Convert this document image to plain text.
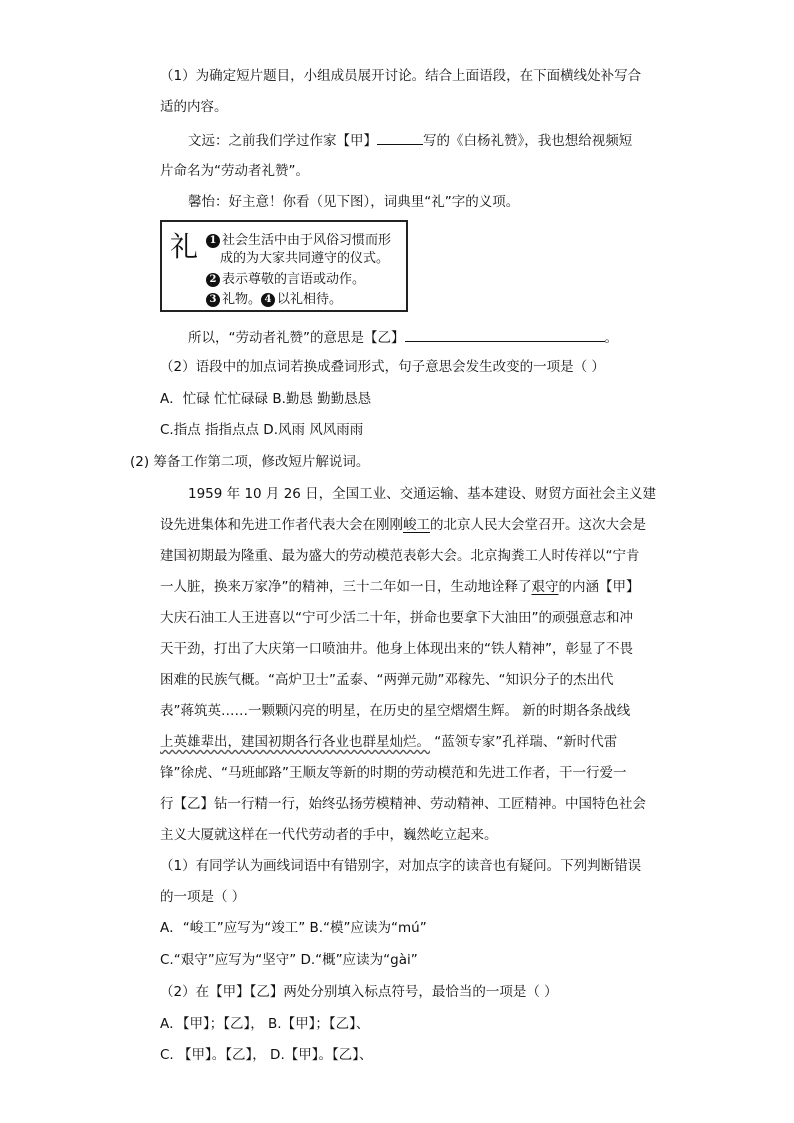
（1）为确定短片题目，小组成员展开讨论。结合上面语段，在下面横线处补写合
适的内容。
文远：之前我们学过作家【甲】	写的《白杨礼赞》，我也想给视频短
片命名为“劳动者礼赞”。
馨怡：好主意！你看（见下图），词典里“礼”字的义项。
礼	1 社会生活中由于风俗习惯而形
成的为大家共同遵守的仪式。
2 表示尊敬的言语或动作。
3 礼物。 4 以礼相待。
所以，“劳动者礼赞”的意思是【乙】	。
（2）语段中的加点词若换成叠词形式，句子意思会发生改变的一项是（ ）
A．忙碌 忙忙碌碌 B.勤恳 勤勤恳恳
C.指点 指指点点 D.风雨 风风雨雨
(2) 筹备工作第二项，修改短片解说词。
1959 年 10 月 26 日，全国工业、交通运输、基本建设、财贸方面社会主义建
设先进集体和先进工作者代表大会在刚刚峻工的北京人民大会堂召开。这次大会是
建国初期最为隆重、最为盛大的劳动模范表彰大会。北京掏粪工人时传祥以“宁肯
一人脏，换来万家净”的精神，三十二年如一日，生动地诠释了艰守的内涵【甲】
大庆石油工人王进喜以“宁可少活二十年，拼命也要拿下大油田”的顽强意志和冲
天干劲，打出了大庆第一口喷油井。他身上体现出来的“铁人精神”，彰显了不畏
困难的民族气概。“高炉卫士”孟泰、“两弹元勋”邓稼先、“知识分子的杰出代
表”蒋筑英……一颗颗闪亮的明星，在历史的星空熠熠生辉。 新的时期各条战线
上英雄辈出，建国初期各行各业也群星灿烂。 “蓝领专家”孔祥瑞、“新时代雷
锋”徐虎、“马班邮路”王顺友等新的时期的劳动模范和先进工作者，干一行爱一
行【乙】钻一行精一行，始终弘扬劳模精神、劳动精神、工匠精神。中国特色社会
主义大厦就这样在一代代劳动者的手中，巍然屹立起来。
（1）有同学认为画线词语中有错别字，对加点字的读音也有疑问。下列判断错误
的一项是（ ）
A．“峻工”应写为“竣工” B.“模”应读为“mú”
C.“艰守”应写为“坚守” D.“概”应读为“gài”
（2）在【甲】【乙】两处分别填入标点符号，最恰当的一项是（ ）
A．【甲】；【乙】， B.【甲】；【乙】、
C. 【甲】。【乙】， D.【甲】。【乙】、
